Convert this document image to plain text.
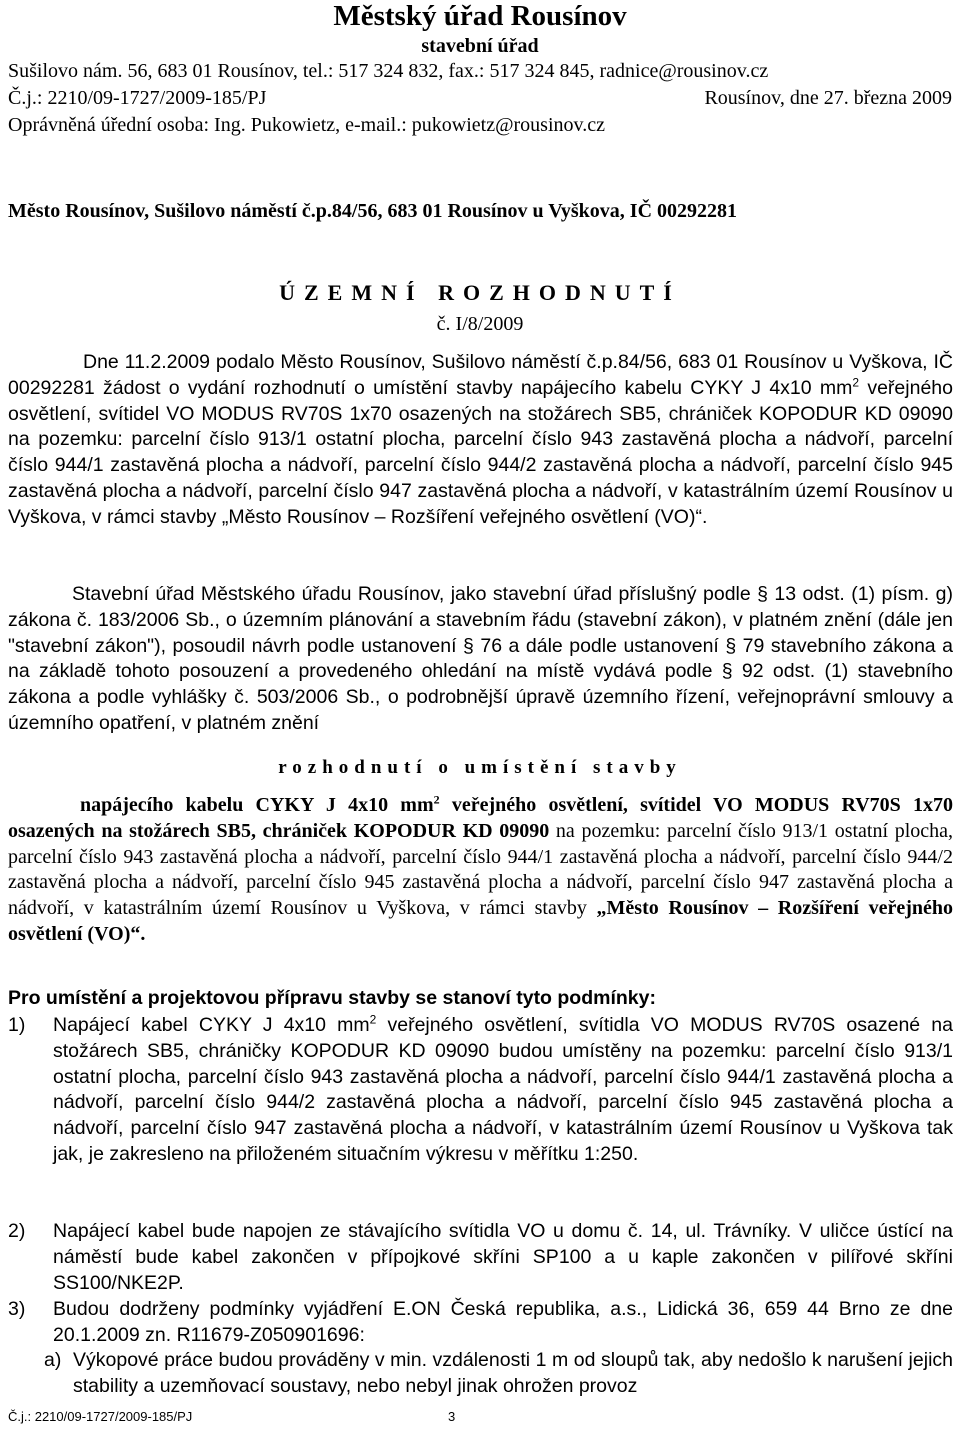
Městský úřad Rousínov
stavební úřad
Sušilovo nám. 56, 683 01 Rousínov, tel.: 517 324 832, fax.: 517 324 845, radnice@rousinov.cz
Č.j.: 2210/09-1727/2009-185/PJ	Rousínov, dne 27. března 2009
Oprávněná úřední osoba: Ing. Pukowietz, e-mail.: pukowietz@rousinov.cz
Město Rousínov, Sušilovo náměstí č.p.84/56, 683 01 Rousínov u Vyškova, IČ 00292281
ÚZEMNÍ ROZHODNUTÍ
č. I/8/2009
Dne 11.2.2009 podalo Město Rousínov, Sušilovo náměstí č.p.84/56, 683 01 Rousínov u Vyškova, IČ 00292281 žádost o vydání rozhodnutí o umístění stavby napájecího kabelu CYKY J 4x10 $mm^2$ veřejného osvětlení, svítidel VO MODUS RV70S 1x70 osazených na stožárech SB5, chrániček KOPODUR KD 09090 na pozemku: parcelní číslo 913/1 ostatní plocha, parcelní číslo 943 zastavěná plocha a nádvoří, parcelní číslo 944/1 zastavěná plocha a nádvoří, parcelní číslo 944/2 zastavěná plocha a nádvoří, parcelní číslo 945 zastavěná plocha a nádvoří, parcelní číslo 947 zastavěná plocha a nádvoří, v katastrálním území Rousínov u Vyškova, v rámci stavby „Město Rousínov – Rozšíření veřejného osvětlení (VO)“.
Stavební úřad Městského úřadu Rousínov, jako stavební úřad příslušný podle § 13 odst. (1) písm. g) zákona č. 183/2006 Sb., o územním plánování a stavebním řádu (stavební zákon), v platném znění (dále jen "stavební zákon"), posoudil návrh podle ustanovení § 76 a dále podle ustanovení § 79 stavebního zákona a na základě tohoto posouzení a provedeného ohledání na místě vydává podle § 92 odst. (1) stavebního zákona a podle vyhlášky č. 503/2006 Sb., o podrobnější úpravě územního řízení, veřejnoprávní smlouvy a územního opatření, v platném znění
rozhodnutí o umístění stavby
napájecího kabelu CYKY J 4x10 $mm^2$ veřejného osvětlení, svítidel VO MODUS RV70S 1x70 osazených na stožárech SB5, chrániček KOPODUR KD 09090 na pozemku: parcelní číslo 913/1 ostatní plocha, parcelní číslo 943 zastavěná plocha a nádvoří, parcelní číslo 944/1 zastavěná plocha a nádvoří, parcelní číslo 944/2 zastavěná plocha a nádvoří, parcelní číslo 945 zastavěná plocha a nádvoří, parcelní číslo 947 zastavěná plocha a nádvoří, v katastrálním území Rousínov u Vyškova, v rámci stavby „Město Rousínov – Rozšíření veřejného osvětlení (VO)“.
Pro umístění a projektovou přípravu stavby se stanoví tyto podmínky:
1) Napájecí kabel CYKY J 4x10 $mm^2$ veřejného osvětlení, svítidla VO MODUS RV70S osazené na stožárech SB5, chráničky KOPODUR KD 09090 budou umístěny na pozemku: parcelní číslo 913/1 ostatní plocha, parcelní číslo 943 zastavěná plocha a nádvoří, parcelní číslo 944/1 zastavěná plocha a nádvoří, parcelní číslo 944/2 zastavěná plocha a nádvoří, parcelní číslo 945 zastavěná plocha a nádvoří, parcelní číslo 947 zastavěná plocha a nádvoří, v katastrálním území Rousínov u Vyškova tak jak, je zakresleno na přiloženém situačním výkresu v měřítku 1:250.
2) Napájecí kabel bude napojen ze stávajícího svítidla VO u domu č. 14, ul. Trávníky. V uličce ústící na náměstí bude kabel zakončen v přípojkové skříni SP100 a u kaple zakončen v pilířové skříni SS100/NKE2P.
3) Budou dodrženy podmínky vyjádření E.ON Česká republika, a.s., Lidická 36, 659 44 Brno ze dne 20.1.2009 zn. R11679-Z050901696:
a) Výkopové práce budou prováděny v min. vzdálenosti 1 m od sloupů tak, aby nedošlo k narušení jejich stability a uzemňovací soustavy, nebo nebyl jinak ohrožen provoz
Č.j.: 2210/09-1727/2009-185/PJ	3
